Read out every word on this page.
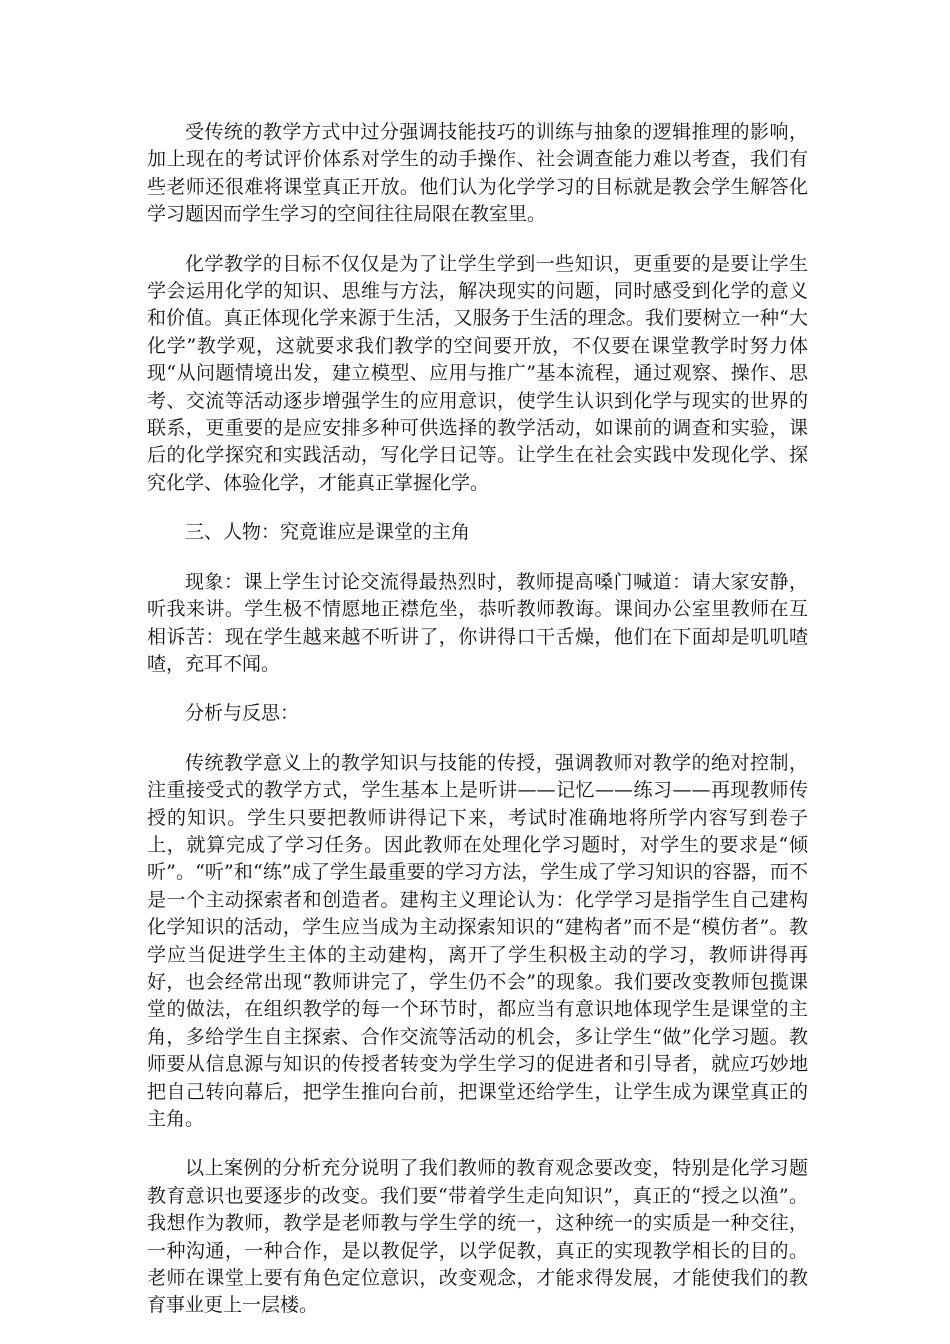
受传统的教学方式中过分强调技能技巧的训练与抽象的逻辑推理的影响，加上现在的考试评价体系对学生的动手操作、社会调查能力难以考查，我们有些老师还很难将课堂真正开放。他们认为化学学习的目标就是教会学生解答化学习题因而学生学习的空间往往局限在教室里。

化学教学的目标不仅仅是为了让学生学到一些知识，更重要的是要让学生学会运用化学的知识、思维与方法，解决现实的问题，同时感受到化学的意义和价值。真正体现化学来源于生活，又服务于生活的理念。我们要树立一种“大化学”教学观，这就要求我们教学的空间要开放，不仅要在课堂教学时努力体现“从问题情境出发，建立模型、应用与推广”基本流程，通过观察、操作、思考、交流等活动逐步增强学生的应用意识，使学生认识到化学与现实的世界的联系，更重要的是应安排多种可供选择的教学活动，如课前的调查和实验，课后的化学探究和实践活动，写化学日记等。让学生在社会实践中发现化学、探究化学、体验化学，才能真正掌握化学。

三、人物：究竟谁应是课堂的主角

现象：课上学生讨论交流得最热烈时，教师提高嗓门喊道：请大家安静，听我来讲。学生极不情愿地正襟危坐，恭听教师教诲。课间办公室里教师在互相诉苦：现在学生越来越不听讲了，你讲得口干舌燥，他们在下面却是叽叽喳喳，充耳不闻。

分析与反思：

传统教学意义上的教学知识与技能的传授，强调教师对教学的绝对控制，注重接受式的教学方式，学生基本上是听讲——记忆——练习——再现教师传授的知识。学生只要把教师讲得记下来，考试时准确地将所学内容写到卷子上，就算完成了学习任务。因此教师在处理化学习题时，对学生的要求是“倾听”。“听”和“练”成了学生最重要的学习方法，学生成了学习知识的容器，而不是一个主动探索者和创造者。建构主义理论认为：化学学习是指学生自己建构化学知识的活动，学生应当成为主动探索知识的“建构者”而不是“模仿者”。教学应当促进学生主体的主动建构，离开了学生积极主动的学习，教师讲得再好，也会经常出现“教师讲完了，学生仍不会”的现象。我们要改变教师包揽课堂的做法，在组织教学的每一个环节时，都应当有意识地体现学生是课堂的主角，多给学生自主探索、合作交流等活动的机会，多让学生“做”化学习题。教师要从信息源与知识的传授者转变为学生学习的促进者和引导者，就应巧妙地把自己转向幕后，把学生推向台前，把课堂还给学生，让学生成为课堂真正的主角。

以上案例的分析充分说明了我们教师的教育观念要改变，特别是化学习题教育意识也要逐步的改变。我们要“带着学生走向知识”，真正的“授之以渔”。我想作为教师，教学是老师教与学生学的统一，这种统一的实质是一种交往，一种沟通，一种合作，是以教促学，以学促教，真正的实现教学相长的目的。老师在课堂上要有角色定位意识，改变观念，才能求得发展，才能使我们的教育事业更上一层楼。
